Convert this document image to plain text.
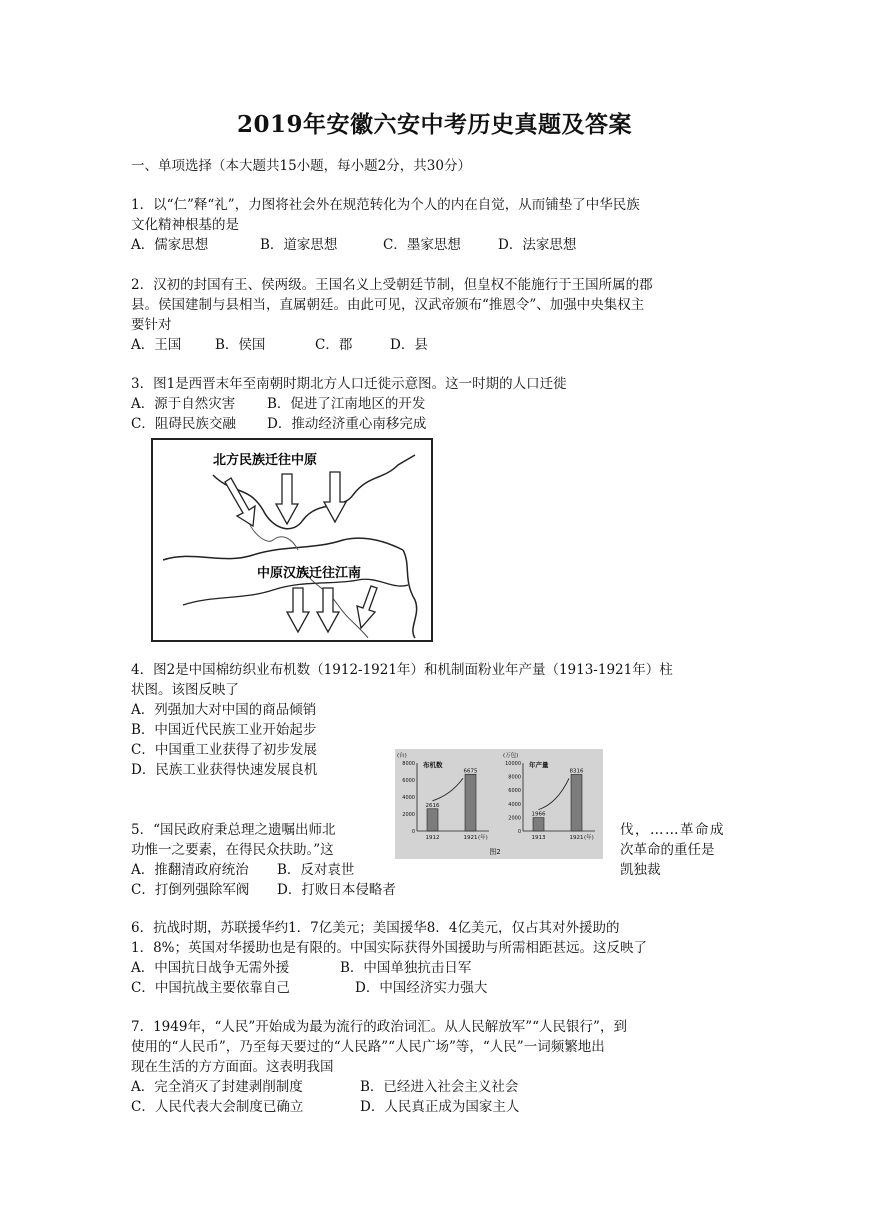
2019年安徽六安中考历史真题及答案
一、单项选择（本大题共15小题，每小题2分，共30分）
1．以“仁”释“礼”，力图将社会外在规范转化为个人的内在自觉，从而铺垫了中华民族
文化精神根基的是
A．儒家思想	B．道家思想	C．墨家思想	D．法家思想
2．汉初的封国有王、侯两级。王国名义上受朝廷节制，但皇权不能施行于王国所属的郡
县。侯国建制与县相当，直属朝廷。由此可见，汉武帝颁布“推恩令”、加强中央集权主
要针对
A．王国	B．侯国	C．郡	D．县
3．图1是西晋末年至南朝时期北方人口迁徙示意图。这一时期的人口迁徙
A．源于自然灾害 B．促进了江南地区的开发
C．阻碍民族交融 D．推动经济重心南移完成
北方民族迁往中原
中原汉族迁往江南
4．图2是中国棉纺织业布机数（1912-1921年）和机制面粉业年产量（1913-1921年）柱
状图。该图反映了
A．列强加大对中国的商品倾销
B．中国近代民族工业开始起步
C．中国重工业获得了初步发展
D．民族工业获得快速发展良机
(台)
布机数
8000
6000
4000
2000
0
2616
1912
6675
1921 (年)
(万包)
年产量
10000
8000
6000
4000
2000
0
1966
1913
8316
1921 (年)
图2
5．“国民政府秉总理之遗嘱出师北
功惟一之要素，在得民众扶助。”这
伐，……革命成
次革命的重任是
A．推翻清政府统治 B．反对袁世	凯独裁
C．打倒列强除军阀 D．打败日本侵略者
6．抗战时期，苏联援华约1．7亿美元；美国援华8．4亿美元，仅占其对外援助的
1．8%；英国对华援助也是有限的。中国实际获得外国援助与所需相距甚远。这反映了
A．中国抗日战争无需外援	B．中国单独抗击日军
C．中国抗战主要依靠自己	D．中国经济实力强大
7．1949年，“人民”开始成为最为流行的政治词汇。从人民解放军”“人民银行”，到
使用的“人民币”，乃至每天要过的“人民路”“人民广场”等，“人民”一词频繁地出
现在生活的方方面面。这表明我国
A．完全消灭了封建剥削制度	B．已经进入社会主义社会
C．人民代表大会制度已确立	D．人民真正成为国家主人
